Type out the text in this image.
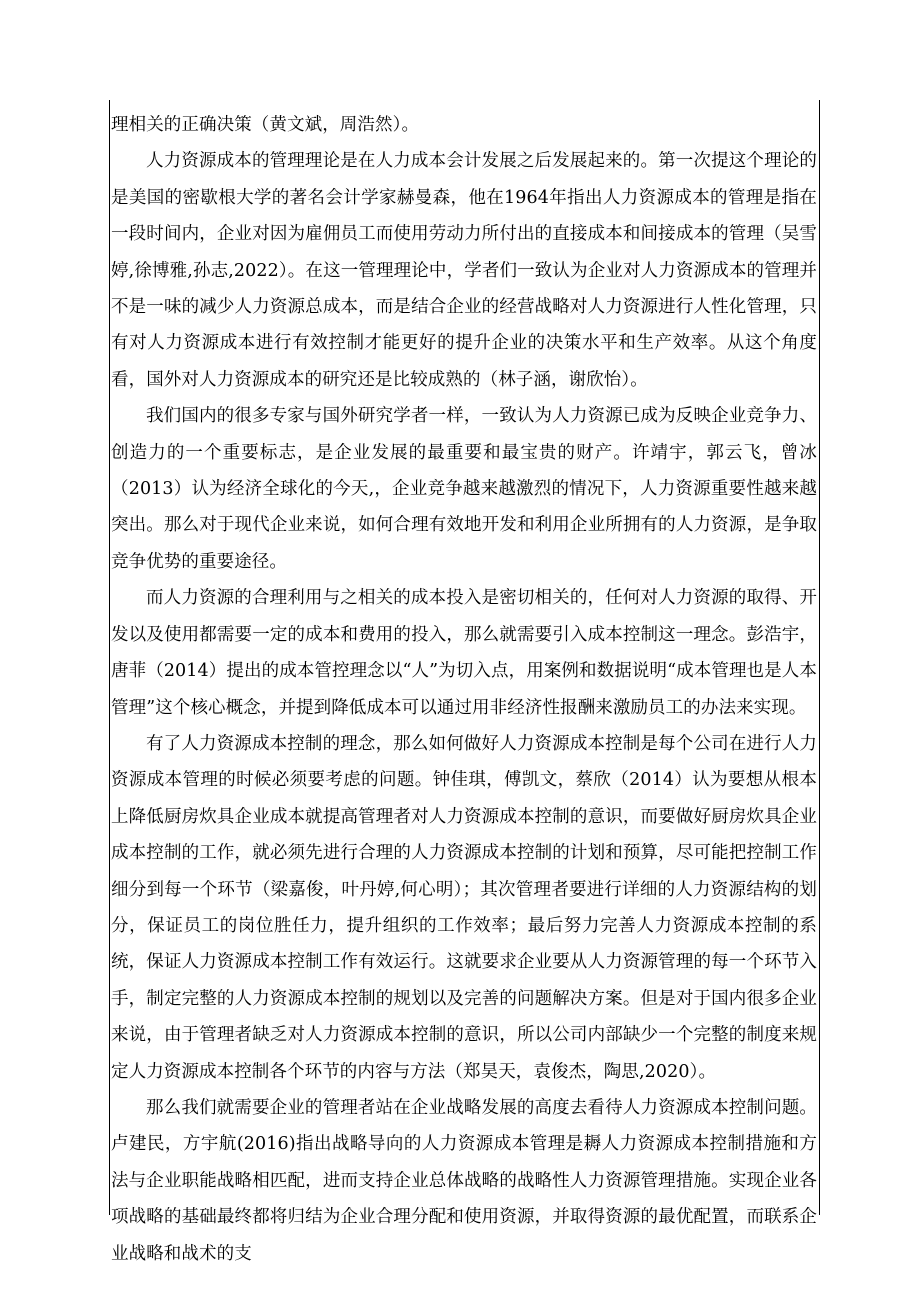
理相关的正确决策（黄文斌，周浩然）。

人力资源成本的管理理论是在人力成本会计发展之后发展起来的。第一次提这个理论的是美国的密歇根大学的著名会计学家赫曼森，他在1964年指出人力资源成本的管理是指在一段时间内，企业对因为雇佣员工而使用劳动力所付出的直接成本和间接成本的管理（吴雪婷,徐博雅,孙志,2022）。在这一管理理论中，学者们一致认为企业对人力资源成本的管理并不是一味的减少人力资源总成本，而是结合企业的经营战略对人力资源进行人性化管理，只有对人力资源成本进行有效控制才能更好的提升企业的决策水平和生产效率。从这个角度看，国外对人力资源成本的研究还是比较成熟的（林子涵，谢欣怡）。

我们国内的很多专家与国外研究学者一样，一致认为人力资源已成为反映企业竞争力、创造力的一个重要标志，是企业发展的最重要和最宝贵的财产。许靖宇，郭云飞，曾冰（2013）认为经济全球化的今天,，企业竞争越来越激烈的情况下，人力资源重要性越来越突出。那么对于现代企业来说，如何合理有效地开发和利用企业所拥有的人力资源，是争取竞争优势的重要途径。

而人力资源的合理利用与之相关的成本投入是密切相关的，任何对人力资源的取得、开发以及使用都需要一定的成本和费用的投入，那么就需要引入成本控制这一理念。彭浩宇，唐菲（2014）提出的成本管控理念以“人”为切入点，用案例和数据说明“成本管理也是人本管理”这个核心概念，并提到降低成本可以通过用非经济性报酬来激励员工的办法来实现。

有了人力资源成本控制的理念，那么如何做好人力资源成本控制是每个公司在进行人力资源成本管理的时候必须要考虑的问题。钟佳琪，傅凯文，蔡欣（2014）认为要想从根本上降低厨房炊具企业成本就提高管理者对人力资源成本控制的意识，而要做好厨房炊具企业成本控制的工作，就必须先进行合理的人力资源成本控制的计划和预算，尽可能把控制工作细分到每一个环节（梁嘉俊，叶丹婷,何心明）；其次管理者要进行详细的人力资源结构的划分，保证员工的岗位胜任力，提升组织的工作效率；最后努力完善人力资源成本控制的系统，保证人力资源成本控制工作有效运行。这就要求企业要从人力资源管理的每一个环节入手，制定完整的人力资源成本控制的规划以及完善的问题解决方案。但是对于国内很多企业来说，由于管理者缺乏对人力资源成本控制的意识，所以公司内部缺少一个完整的制度来规定人力资源成本控制各个环节的内容与方法（郑昊天，袁俊杰，陶思,2020）。

那么我们就需要企业的管理者站在企业战略发展的高度去看待人力资源成本控制问题。卢建民，方宇航(2016)指出战略导向的人力资源成本管理是耨人力资源成本控制措施和方法与企业职能战略相匹配，进而支持企业总体战略的战略性人力资源管理措施。实现企业各项战略的基础最终都将归结为企业合理分配和使用资源，并取得资源的最优配置，而联系企业战略和战术的支
